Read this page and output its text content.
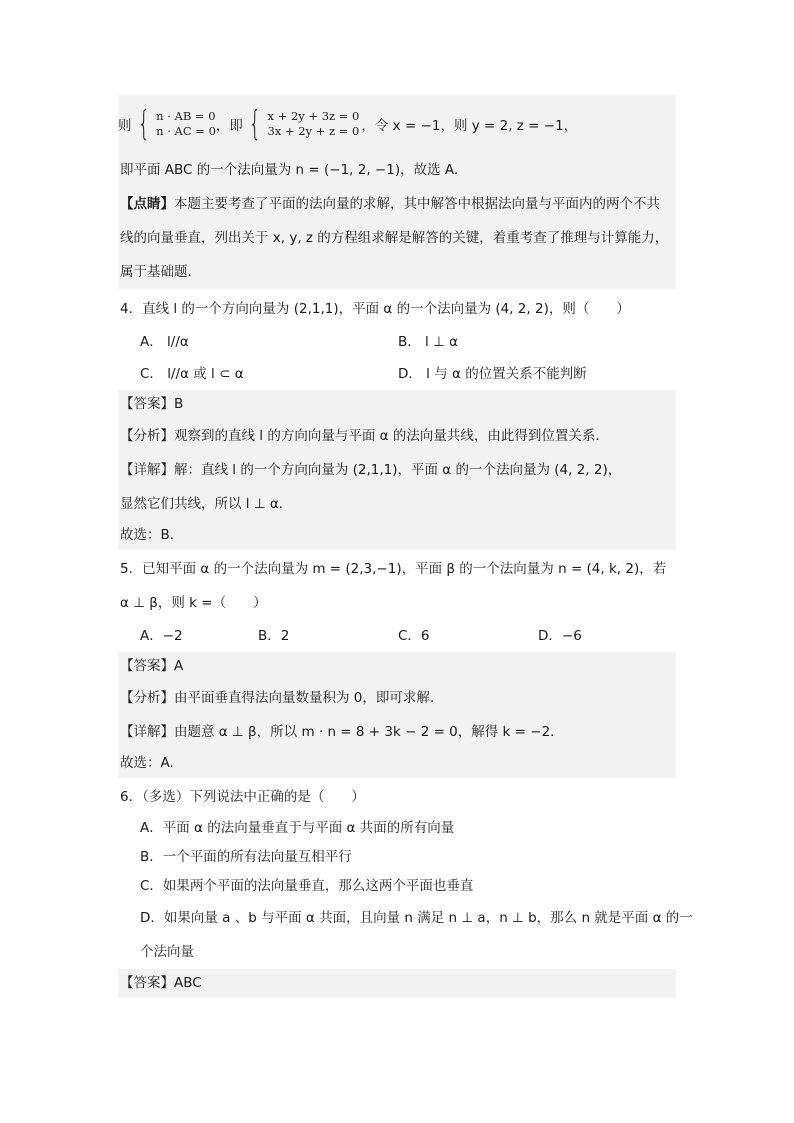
则 { n · AB = 0
n · AC = 0 ，即 { x + 2y + 3z = 0
3x + 2y + z = 0 ，令 x = −1，则 y = 2, z = −1，
即平面 ABC 的一个法向量为 n = (−1, 2, −1)，故选 A.
【点睛】本题主要考查了平面的法向量的求解，其中解答中根据法向量与平面内的两个不共
线的向量垂直，列出关于 x, y, z 的方程组求解是解答的关键，着重考查了推理与计算能力，
属于基础题.
4．直线 l 的一个方向向量为 (2,1,1)，平面 α 的一个法向量为 (4, 2, 2)，则（　　）
A． l//α	B． l ⊥ α
C． l//α 或 l ⊂ α	D． l 与 α 的位置关系不能判断
【答案】B
【分析】观察到的直线 l 的方向向量与平面 α 的法向量共线，由此得到位置关系．
【详解】解：直线 l 的一个方向向量为 (2,1,1)，平面 α 的一个法向量为 (4, 2, 2)，
显然它们共线，所以 l ⊥ α．
故选：B．
5．已知平面 α 的一个法向量为 m = (2,3,−1)，平面 β 的一个法向量为 n = (4, k, 2)，若
α ⊥ β，则 k =（　　）
A．−2	B．2	C．6	D．−6
【答案】A
【分析】由平面垂直得法向量数量积为 0，即可求解.
【详解】由题意 α ⊥ β，所以 m · n = 8 + 3k − 2 = 0，解得 k = −2．
故选：A.
6．（多选）下列说法中正确的是（　　）
A．平面 α 的法向量垂直于与平面 α 共面的所有向量
B．一个平面的所有法向量互相平行
C．如果两个平面的法向量垂直，那么这两个平面也垂直
D．如果向量 a 、b 与平面 α 共面，且向量 n 满足 n ⊥ a，n ⊥ b，那么 n 就是平面 α 的一
个法向量
【答案】ABC
